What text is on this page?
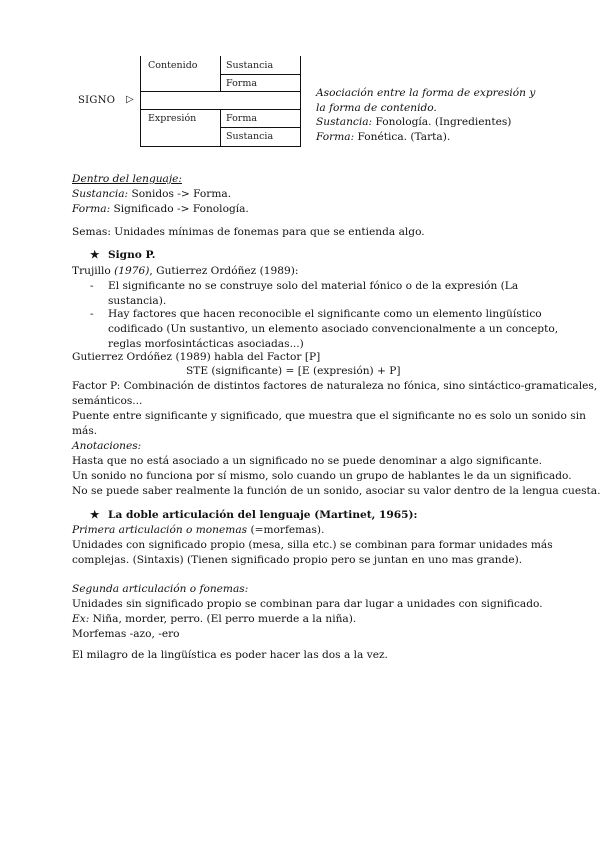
SIGNO ▷
Contenido	Sustancia
Forma
Expresión	Forma
Sustancia
Asociación entre la forma de expresión y
la forma de contenido.
Sustancia: Fonología. (Ingredientes)
Forma: Fonética. (Tarta).
Dentro del lenguaje:
Sustancia: Sonidos -> Forma.
Forma: Significado -> Fonología.
Semas: Unidades mínimas de fonemas para que se entienda algo.
★ Signo P.
Trujillo (1976), Gutierrez Ordóñez (1989):
- El significante no se construye solo del material fónico o de la expresión (La
sustancia).
- Hay factores que hacen reconocible el significante como un elemento lingüístico
codificado (Un sustantivo, un elemento asociado convencionalmente a un concepto,
reglas morfosintácticas asociadas...)
Gutierrez Ordóñez (1989) habla del Factor [P]
STE (significante) = [E (expresión) + P]
Factor P: Combinación de distintos factores de naturaleza no fónica, sino sintáctico-gramaticales,
semánticos...
Puente entre significante y significado, que muestra que el significante no es solo un sonido sin
más.
Anotaciones:
Hasta que no está asociado a un significado no se puede denominar a algo significante.
Un sonido no funciona por sí mismo, solo cuando un grupo de hablantes le da un significado.
No se puede saber realmente la función de un sonido, asociar su valor dentro de la lengua cuesta.
★ La doble articulación del lenguaje (Martinet, 1965):
Primera articulación o monemas (=morfemas).
Unidades con significado propio (mesa, silla etc.) se combinan para formar unidades más
complejas. (Sintaxis) (Tienen significado propio pero se juntan en uno mas grande).
Segunda articulación o fonemas:
Unidades sin significado propio se combinan para dar lugar a unidades con significado.
Ex: Niña, morder, perro. (El perro muerde a la niña).
Morfemas -azo, -ero
El milagro de la lingüística es poder hacer las dos a la vez.
